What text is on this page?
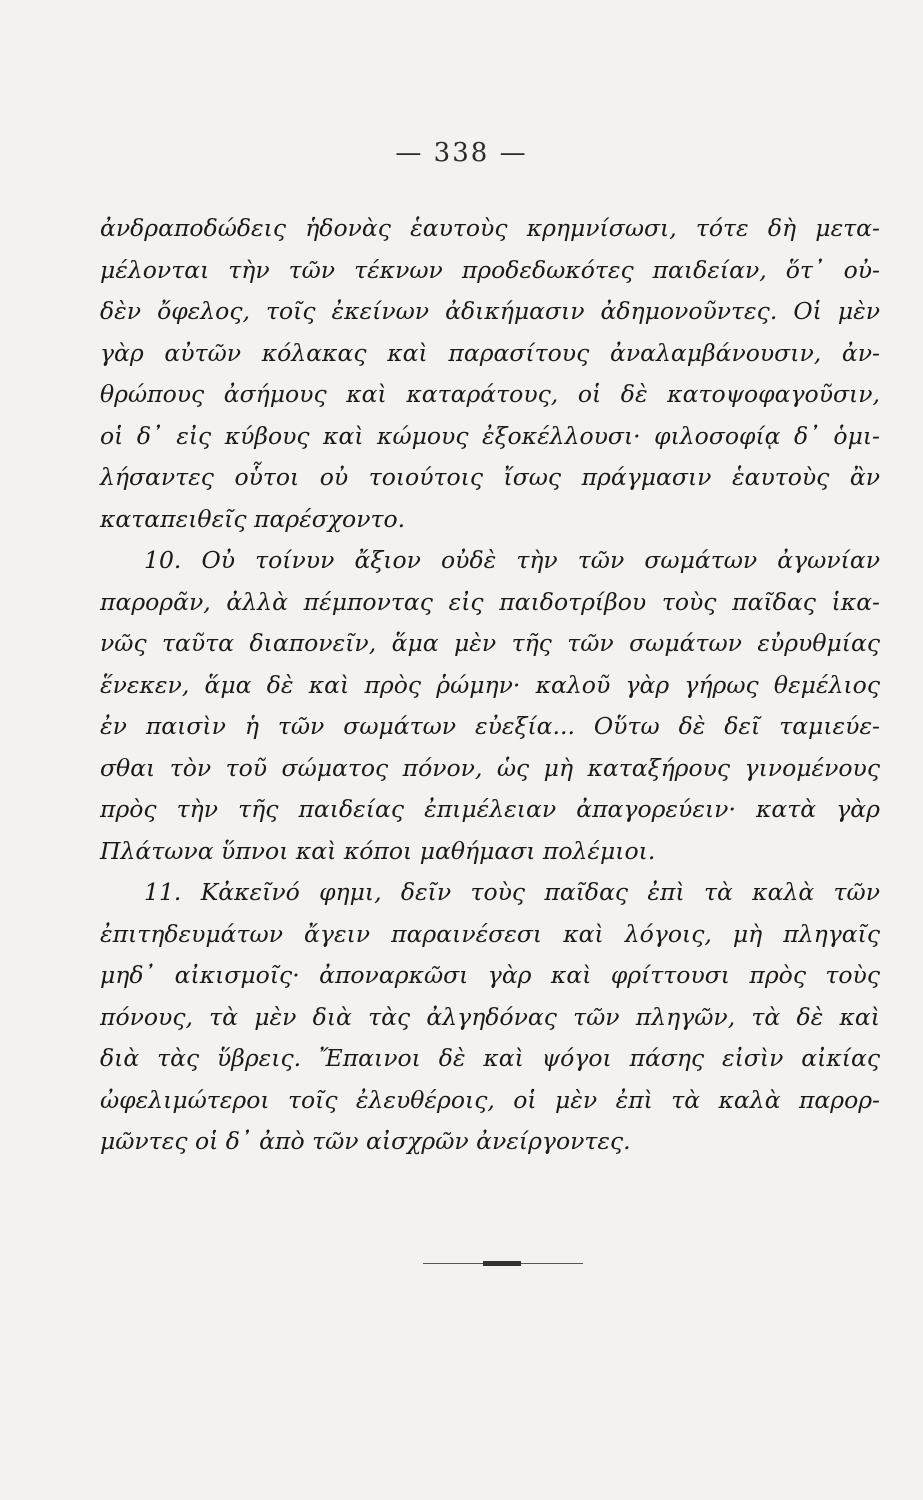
— 338 —
ἀνδραποδώδεις ἡδονὰς ἑαυτοὺς κρημνίσωσι, τότε δὴ μετα-
μέλονται τὴν τῶν τέκνων προδεδωκότες παιδείαν, ὅτ᾽ οὐ-
δὲν ὄφελος, τοῖς ἐκείνων ἀδικήμασιν ἀδημονοῦντες. Οἱ μὲν
γὰρ αὐτῶν κόλακας καὶ παρασίτους ἀναλαμβάνουσιν, ἀν-
θρώπους ἀσήμους καὶ καταράτους, οἱ δὲ κατοψοφαγοῦσιν,
οἱ δ᾽ εἰς κύβους καὶ κώμους ἐξοκέλλουσι· φιλοσοφίᾳ δ᾽ ὁμι-
λήσαντες οὗτοι οὐ τοιούτοις ἴσως πράγμασιν ἑαυτοὺς ἂν
καταπειθεῖς παρέσχοντο.
10. Οὐ τοίνυν ἄξιον οὐδὲ τὴν τῶν σωμάτων ἀγωνίαν
παρορᾶν, ἀλλὰ πέμποντας εἰς παιδοτρίβου τοὺς παῖδας ἱκα-
νῶς ταῦτα διαπονεῖν, ἅμα μὲν τῆς τῶν σωμάτων εὐρυθμίας
ἕνεκεν, ἅμα δὲ καὶ πρὸς ῥώμην· καλοῦ γὰρ γήρως θεμέλιος
ἐν παισὶν ἡ τῶν σωμάτων εὐεξία... Οὕτω δὲ δεῖ ταμιεύε-
σθαι τὸν τοῦ σώματος πόνον, ὡς μὴ καταξήρους γινομένους
πρὸς τὴν τῆς παιδείας ἐπιμέλειαν ἀπαγορεύειν· κατὰ γὰρ
Πλάτωνα ὕπνοι καὶ κόποι μαθήμασι πολέμιοι.
11. Κἀκεῖνό φημι, δεῖν τοὺς παῖδας ἐπὶ τὰ καλὰ τῶν
ἐπιτηδευμάτων ἄγειν παραινέσεσι καὶ λόγοις, μὴ πληγαῖς
μηδ᾽ αἰκισμοῖς· ἀποναρκῶσι γὰρ καὶ φρίττουσι πρὸς τοὺς
πόνους, τὰ μὲν διὰ τὰς ἀλγηδόνας τῶν πληγῶν, τὰ δὲ καὶ
διὰ τὰς ὕβρεις. Ἔπαινοι δὲ καὶ ψόγοι πάσης εἰσὶν αἰκίας
ὠφελιμώτεροι τοῖς ἐλευθέροις, οἱ μὲν ἐπὶ τὰ καλὰ παρορ-
μῶντες οἱ δ᾽ ἀπὸ τῶν αἰσχρῶν ἀνείργοντες.
